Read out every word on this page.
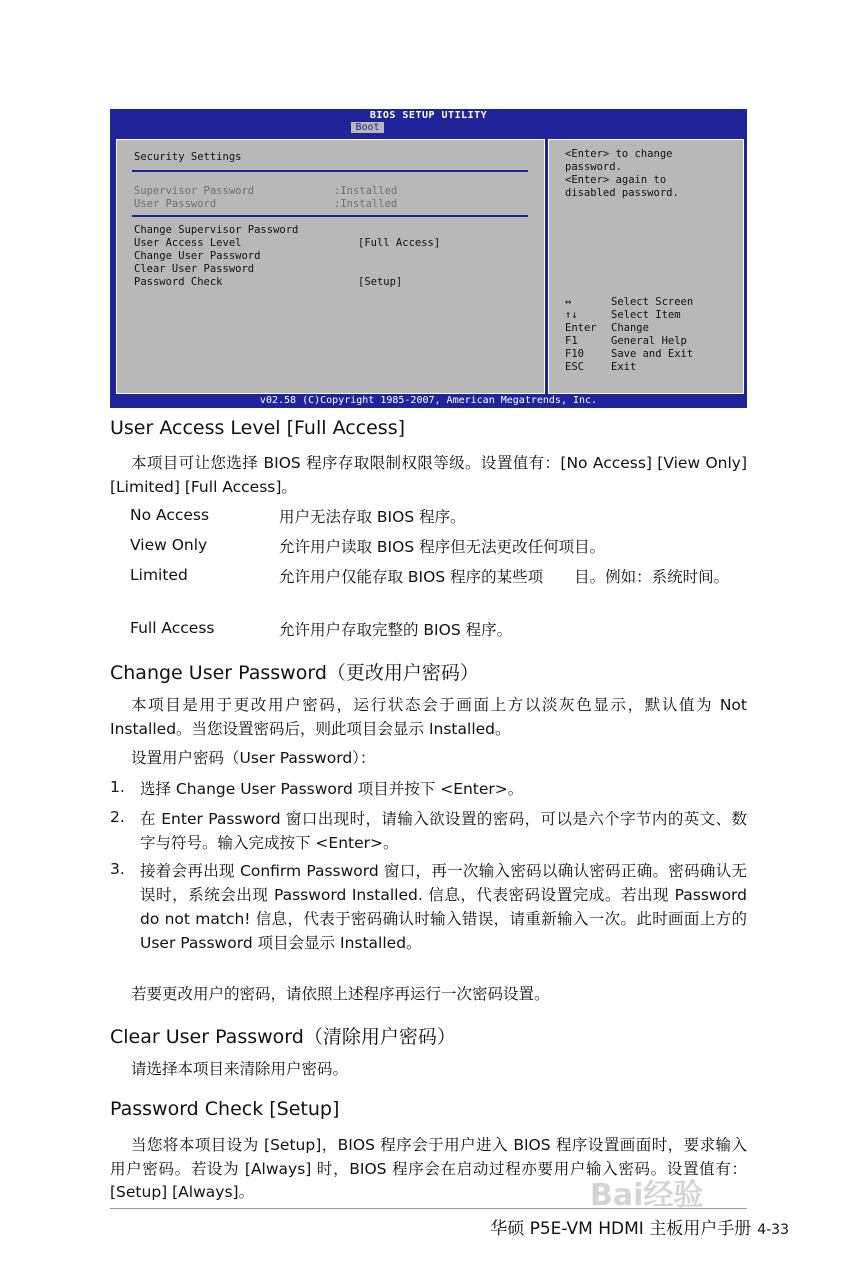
BIOS SETUP UTILITY
Boot
Security Settings
Supervisor Password	:Installed
User Password	:Installed
Change Supervisor Password
User Access Level	[Full Access]
Change User Password
Clear User Password
Password Check	[Setup]
<Enter> to change
password.
<Enter> again to
disabled password.
↔	Select Screen
↑↓	Select Item
Enter Change
F1	General Help
F10	Save and Exit
ESC	Exit
v02.58 (C)Copyright 1985-2007, American Megatrends, Inc.
User Access Level [Full Access]
本项目可让您选择 BIOS 程序存取限制权限等级。设置值有：[No Access] [View Only] [Limited] [Full Access]。
No Access	用户无法存取 BIOS 程序。
View Only	允许用户读取 BIOS 程序但无法更改任何项目。
Limited	允许用户仅能存取 BIOS 程序的某些项　　目。例如：系统时间。
Full Access	允许用户存取完整的 BIOS 程序。
Change User Password（更改用户密码）
本项目是用于更改用户密码，运行状态会于画面上方以淡灰色显示，默认值为 Not Installed。当您设置密码后，则此项目会显示 Installed。
设置用户密码（User Password）：
1. 选择 Change User Password 项目并按下 <Enter>。
2. 在 Enter Password 窗口出现时，请输入欲设置的密码，可以是六个字节内的英文、数字与符号。输入完成按下 <Enter>。
3. 接着会再出现 Confirm Password 窗口，再一次输入密码以确认密码正确。密码确认无误时，系统会出现 Password Installed. 信息，代表密码设置完成。若出现 Password do not match! 信息，代表于密码确认时输入错误，请重新输入一次。此时画面上方的 User Password 项目会显示 Installed。
若要更改用户的密码，请依照上述程序再运行一次密码设置。
Clear User Password（清除用户密码）
请选择本项目来清除用户密码。
Password Check [Setup]
当您将本项目设为 [Setup]，BIOS 程序会于用户进入 BIOS 程序设置画面时，要求输入用户密码。若设为 [Always] 时，BIOS 程序会在启动过程亦要用户输入密码。设置值有：[Setup] [Always]。	Bai经验
华硕 P5E-VM HDMI 主板用户手册 4-33
